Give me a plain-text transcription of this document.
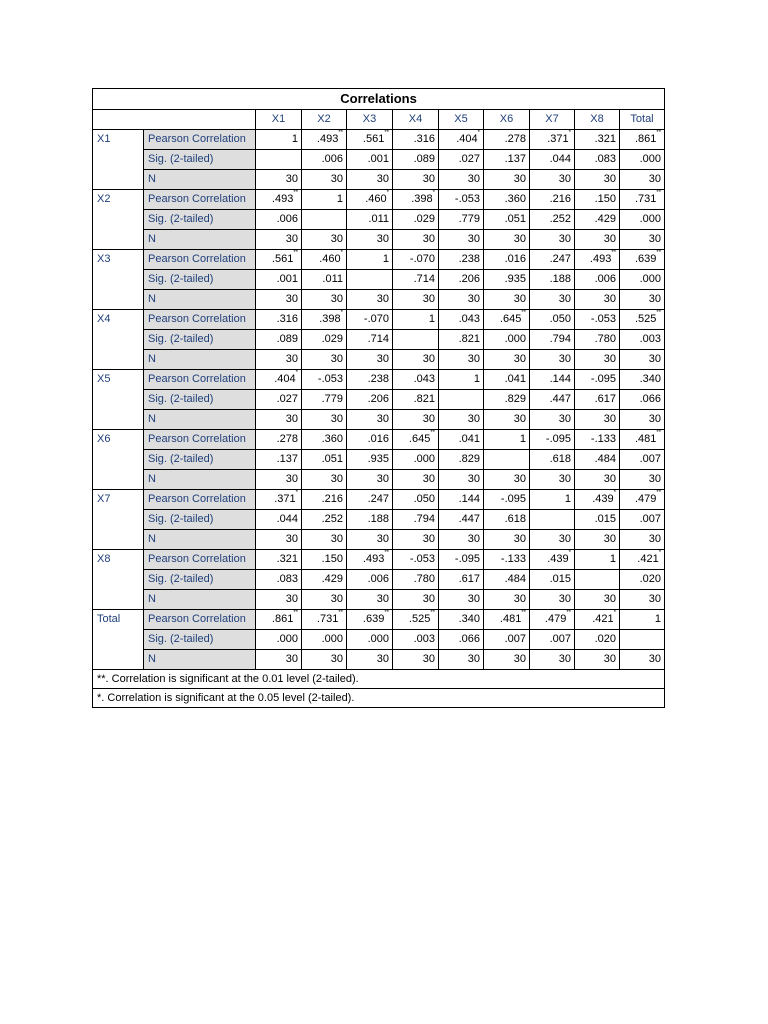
Correlations										
		X1	X2	X3	X4	X5	X6	X7	X8	Total
X1	Pearson Correlation	1	.493**	.561**	.316	.404*	.278	.371*	.321	.861**
	Sig. (2-tailed)		.006	.001	.089	.027	.137	.044	.083	.000
	N	30	30	30	30	30	30	30	30	30
X2	Pearson Correlation	.493**	1	.460*	.398*	-.053	.360	.216	.150	.731**
	Sig. (2-tailed)	.006		.011	.029	.779	.051	.252	.429	.000
	N	30	30	30	30	30	30	30	30	30
X3	Pearson Correlation	.561**	.460*	1	-.070	.238	.016	.247	.493**	.639**
	Sig. (2-tailed)	.001	.011		.714	.206	.935	.188	.006	.000
	N	30	30	30	30	30	30	30	30	30
X4	Pearson Correlation	.316	.398*	-.070	1	.043	.645**	.050	-.053	.525**
	Sig. (2-tailed)	.089	.029	.714		.821	.000	.794	.780	.003
	N	30	30	30	30	30	30	30	30	30
X5	Pearson Correlation	.404*	-.053	.238	.043	1	.041	.144	-.095	.340
	Sig. (2-tailed)	.027	.779	.206	.821		.829	.447	.617	.066
	N	30	30	30	30	30	30	30	30	30
X6	Pearson Correlation	.278	.360	.016	.645**	.041	1	-.095	-.133	.481**
	Sig. (2-tailed)	.137	.051	.935	.000	.829		.618	.484	.007
	N	30	30	30	30	30	30	30	30	30
X7	Pearson Correlation	.371*	.216	.247	.050	.144	-.095	1	.439*	.479**
	Sig. (2-tailed)	.044	.252	.188	.794	.447	.618		.015	.007
	N	30	30	30	30	30	30	30	30	30
X8	Pearson Correlation	.321	.150	.493**	-.053	-.095	-.133	.439*	1	.421*
	Sig. (2-tailed)	.083	.429	.006	.780	.617	.484	.015		.020
	N	30	30	30	30	30	30	30	30	30
Total	Pearson Correlation	.861**	.731**	.639**	.525**	.340	.481**	.479**	.421*	1
	Sig. (2-tailed)	.000	.000	.000	.003	.066	.007	.007	.020	
	N	30	30	30	30	30	30	30	30	30
**. Correlation is significant at the 0.01 level (2-tailed).										
*. Correlation is significant at the 0.05 level (2-tailed).										
